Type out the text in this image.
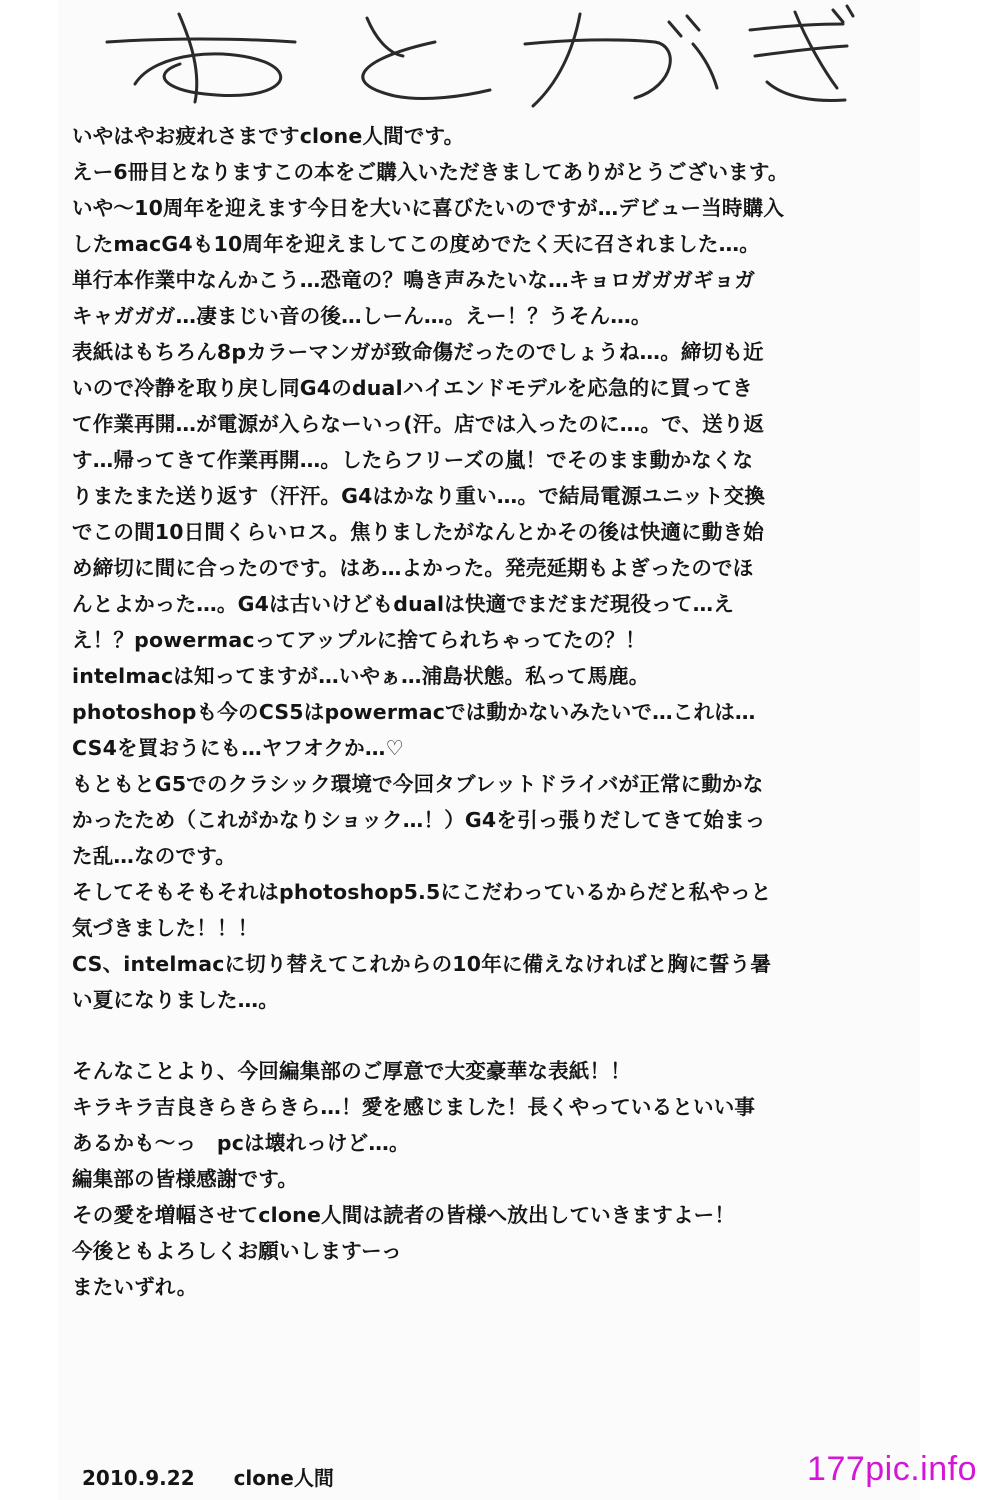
いやはやお疲れさまですclone人間です。
えー6冊目となりますこの本をご購入いただきましてありがとうございます。
いや～10周年を迎えます今日を大いに喜びたいのですが…デビュー当時購入
したmacG4も10周年を迎えましてこの度めでたく天に召されました…。
単行本作業中なんかこう…恐竜の？鳴き声みたいな…キョロガガガギョガ
キャガガガ…凄まじい音の後…しーん…。えー！？うそん…。
表紙はもちろん8pカラーマンガが致命傷だったのでしょうね…。締切も近
いので冷静を取り戻し同G4のdualハイエンドモデルを応急的に買ってき
て作業再開…が電源が入らなーいっ(汗。店では入ったのに…。で、送り返
す…帰ってきて作業再開…。したらフリーズの嵐！でそのまま動かなくな
りまたまた送り返す（汗汗。G4はかなり重い…。で結局電源ユニット交換
でこの間10日間くらいロス。焦りましたがなんとかその後は快適に動き始
め締切に間に合ったのです。はあ…よかった。発売延期もよぎったのでほ
んとよかった…。G4は古いけどもdualは快適でまだまだ現役って…え
え！？powermacってアップルに捨てられちゃってたの？！
intelmacは知ってますが…いやぁ…浦島状態。私って馬鹿。
photoshopも今のCS5はpowermacでは動かないみたいで…これは…
CS4を買おうにも…ヤフオクか…♡
もともとG5でのクラシック環境で今回タブレットドライバが正常に動かな
かったため（これがかなりショック…！）G4を引っ張りだしてきて始まっ
た乱…なのです。
そしてそもそもそれはphotoshop5.5にこだわっているからだと私やっと
気づきました！！！
CS、intelmacに切り替えてこれからの10年に備えなければと胸に誓う暑
い夏になりました…。
そんなことより、今回編集部のご厚意で大変豪華な表紙！！
キラキラ吉良きらきらきら…！愛を感じました！長くやっているといい事
あるかも～っ　pcは壊れっけど…。
編集部の皆様感謝です。
その愛を増幅させてclone人間は読者の皆様へ放出していきますよー！
今後ともよろしくお願いしますーっ
またいずれ。
2010.9.22 clone人間	177pic.info
